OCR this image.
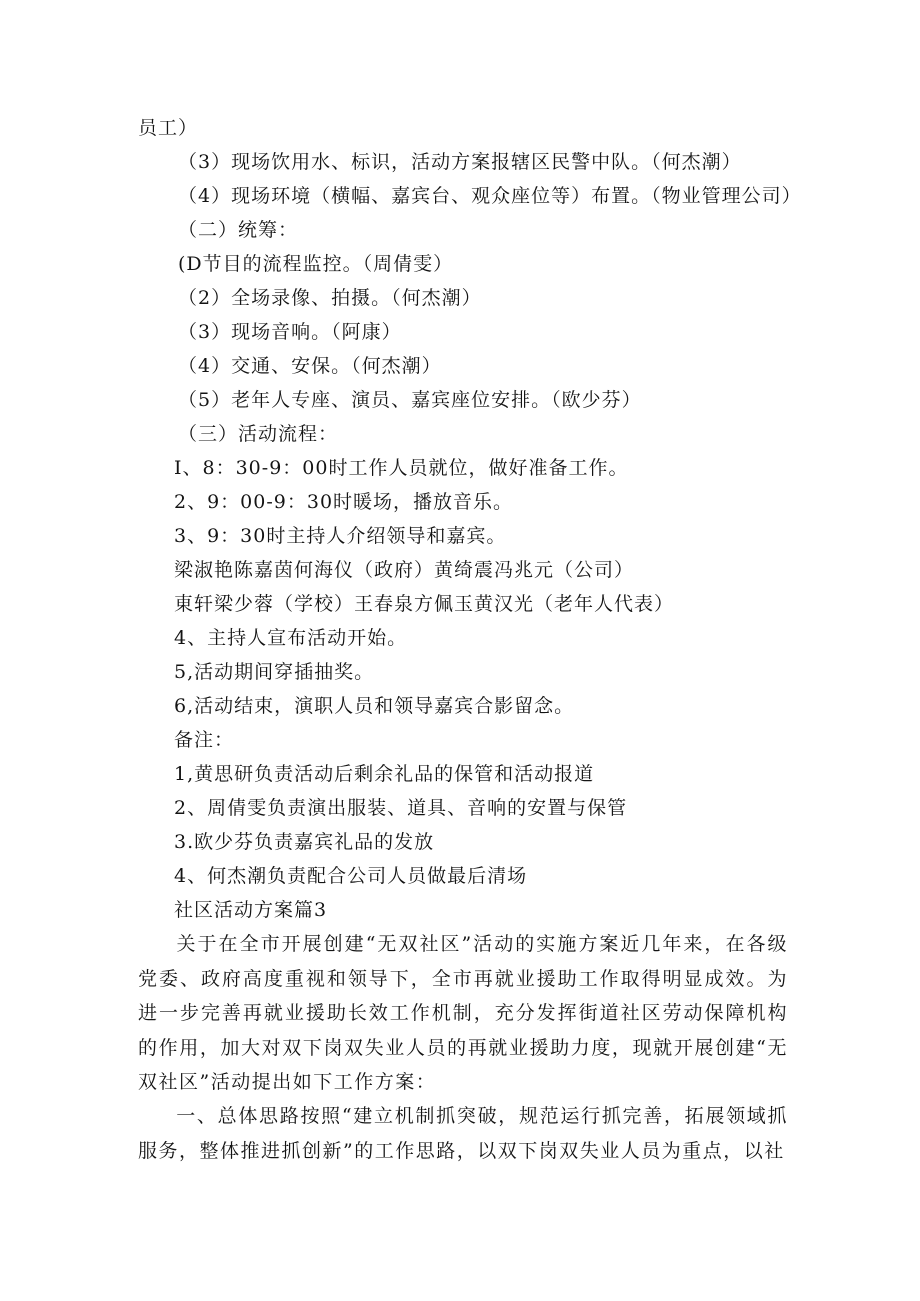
员工）
（3）现场饮用水、标识，活动方案报辖区民警中队。（何杰潮）
（4）现场环境（横幅、嘉宾台、观众座位等）布置。（物业管理公司）
（二）统筹：
(D节目的流程监控。（周倩雯）
（2）全场录像、拍摄。（何杰潮）
（3）现场音响。（阿康）
（4）交通、安保。（何杰潮）
（5）老年人专座、演员、嘉宾座位安排。（欧少芬）
（三）活动流程：
I、8：30-9：00时工作人员就位，做好准备工作。
2、9：00-9：30时暖场，播放音乐。
3、9：30时主持人介绍领导和嘉宾。
梁淑艳陈嘉茵何海仪（政府）黄绮震冯兆元（公司）
東轩梁少蓉（学校）王春泉方佩玉黄汉光（老年人代表）
4、主持人宣布活动开始。
5,活动期间穿插抽奖。
6,活动结束，演职人员和领导嘉宾合影留念。
备注：
1,黄思研负责活动后剩余礼品的保管和活动报道
2、周倩雯负责演出服装、道具、音响的安置与保管
3.欧少芬负责嘉宾礼品的发放
4、何杰潮负责配合公司人员做最后清场
社区活动方案篇3
关于在全市开展创建“无双社区”活动的实施方案近几年来，在各级党委、政府高度重视和领导下，全市再就业援助工作取得明显成效。为进一步完善再就业援助长效工作机制，充分发挥街道社区劳动保障机构的作用，加大对双下岗双失业人员的再就业援助力度，现就开展创建“无双社区”活动提出如下工作方案：
一、总体思路按照“建立机制抓突破，规范运行抓完善，拓展领域抓服务，整体推进抓创新”的工作思路，以双下岗双失业人员为重点，以社
